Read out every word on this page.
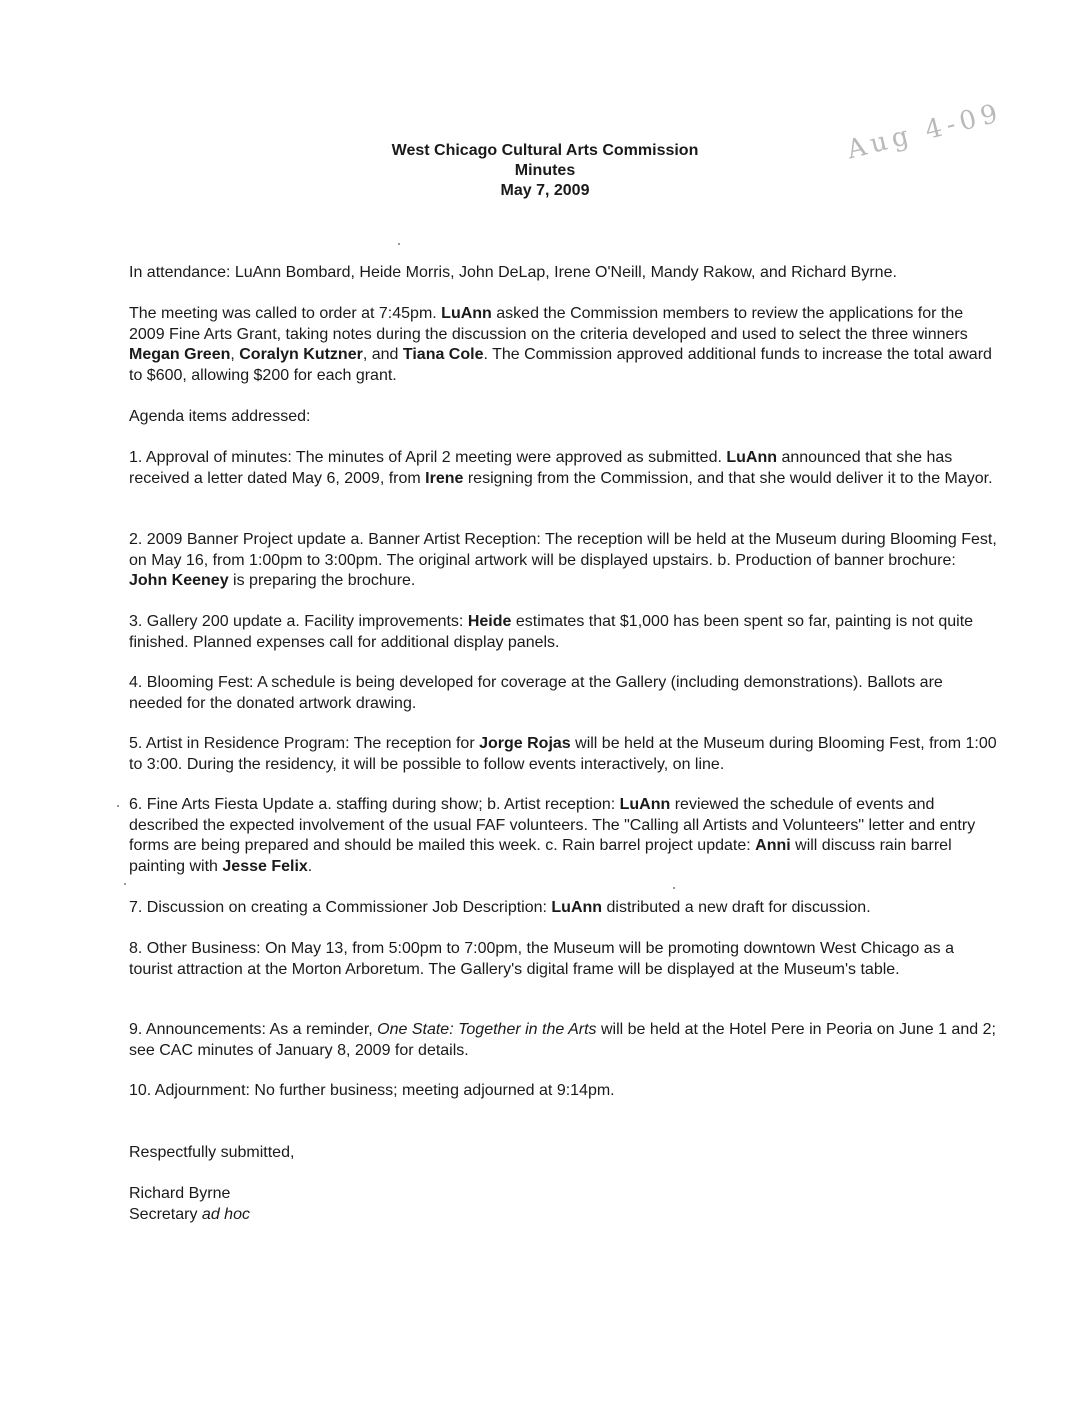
West Chicago Cultural Arts Commission
Minutes
May 7, 2009
Aug 4-09

In attendance: LuAnn Bombard, Heide Morris, John DeLap, Irene O'Neill, Mandy Rakow, and Richard Byrne.

The meeting was called to order at 7:45pm. LuAnn asked the Commission members to review the applications for the 2009 Fine Arts Grant, taking notes during the discussion on the criteria developed and used to select the three winners Megan Green, Coralyn Kutzner, and Tiana Cole. The Commission approved additional funds to increase the total award to $600, allowing $200 for each grant.

Agenda items addressed:

1. Approval of minutes: The minutes of April 2 meeting were approved as submitted. LuAnn announced that she has received a letter dated May 6, 2009, from Irene resigning from the Commission, and that she would deliver it to the Mayor.

2. 2009 Banner Project update a. Banner Artist Reception: The reception will be held at the Museum during Blooming Fest, on May 16, from 1:00pm to 3:00pm. The original artwork will be displayed upstairs. b. Production of banner brochure: John Keeney is preparing the brochure.

3. Gallery 200 update a. Facility improvements: Heide estimates that $1,000 has been spent so far, painting is not quite finished. Planned expenses call for additional display panels.

4. Blooming Fest: A schedule is being developed for coverage at the Gallery (including demonstrations). Ballots are needed for the donated artwork drawing.

5. Artist in Residence Program: The reception for Jorge Rojas will be held at the Museum during Blooming Fest, from 1:00 to 3:00. During the residency, it will be possible to follow events interactively, on line.

6. Fine Arts Fiesta Update a. staffing during show; b. Artist reception: LuAnn reviewed the schedule of events and described the expected involvement of the usual FAF volunteers. The "Calling all Artists and Volunteers" letter and entry forms are being prepared and should be mailed this week. c. Rain barrel project update: Anni will discuss rain barrel painting with Jesse Felix.

7. Discussion on creating a Commissioner Job Description: LuAnn distributed a new draft for discussion.

8. Other Business: On May 13, from 5:00pm to 7:00pm, the Museum will be promoting downtown West Chicago as a tourist attraction at the Morton Arboretum. The Gallery's digital frame will be displayed at the Museum's table.

9. Announcements: As a reminder, One State: Together in the Arts will be held at the Hotel Pere in Peoria on June 1 and 2; see CAC minutes of January 8, 2009 for details.

10. Adjournment: No further business; meeting adjourned at 9:14pm.

Respectfully submitted,

Richard Byrne
Secretary ad hoc
